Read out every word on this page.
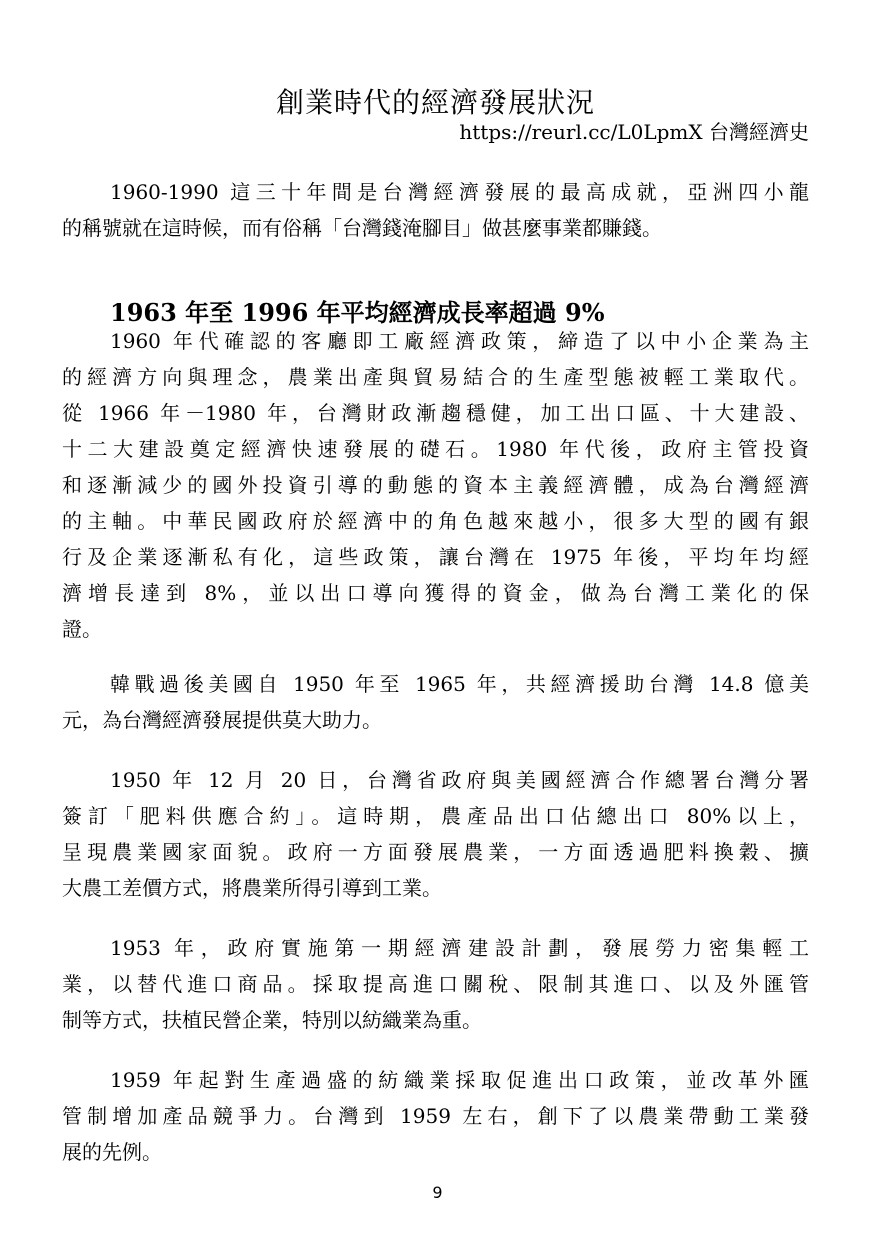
創業時代的經濟發展狀況
https://reurl.cc/L0LpmX 台灣經濟史
1960-1990 這三十年間是台灣經濟發展的最高成就，亞洲四小龍
的稱號就在這時候，而有俗稱「台灣錢淹腳目」做甚麼事業都賺錢。
1963 年至 1996 年平均經濟成長率超過 9%
1960 年代確認的客廳即工廠經濟政策，締造了以中小企業為主
的經濟方向與理念，農業出產與貿易結合的生產型態被輕工業取代。
從 1966 年－1980 年，台灣財政漸趨穩健，加工出口區、十大建設、
十二大建設奠定經濟快速發展的礎石。1980 年代後，政府主管投資
和逐漸減少的國外投資引導的動態的資本主義經濟體，成為台灣經濟
的主軸。中華民國政府於經濟中的角色越來越小，很多大型的國有銀
行及企業逐漸私有化，這些政策，讓台灣在 1975 年後，平均年均經
濟增長達到 8%，並以出口導向獲得的資金，做為台灣工業化的保
證。
韓戰過後美國自 1950 年至 1965 年，共經濟援助台灣 14.8 億美
元，為台灣經濟發展提供莫大助力。
1950 年 12 月 20 日，台灣省政府與美國經濟合作總署台灣分署
簽訂「肥料供應合約」。這時期，農產品出口佔總出口 80%以上，
呈現農業國家面貌。政府一方面發展農業，一方面透過肥料換穀、擴
大農工差價方式，將農業所得引導到工業。
1953 年，政府實施第一期經濟建設計劃，發展勞力密集輕工
業，以替代進口商品。採取提高進口關稅、限制其進口、以及外匯管
制等方式，扶植民營企業，特別以紡織業為重。
1959 年起對生產過盛的紡織業採取促進出口政策，並改革外匯
管制增加產品競爭力。台灣到 1959 左右，創下了以農業帶動工業發
展的先例。
9
